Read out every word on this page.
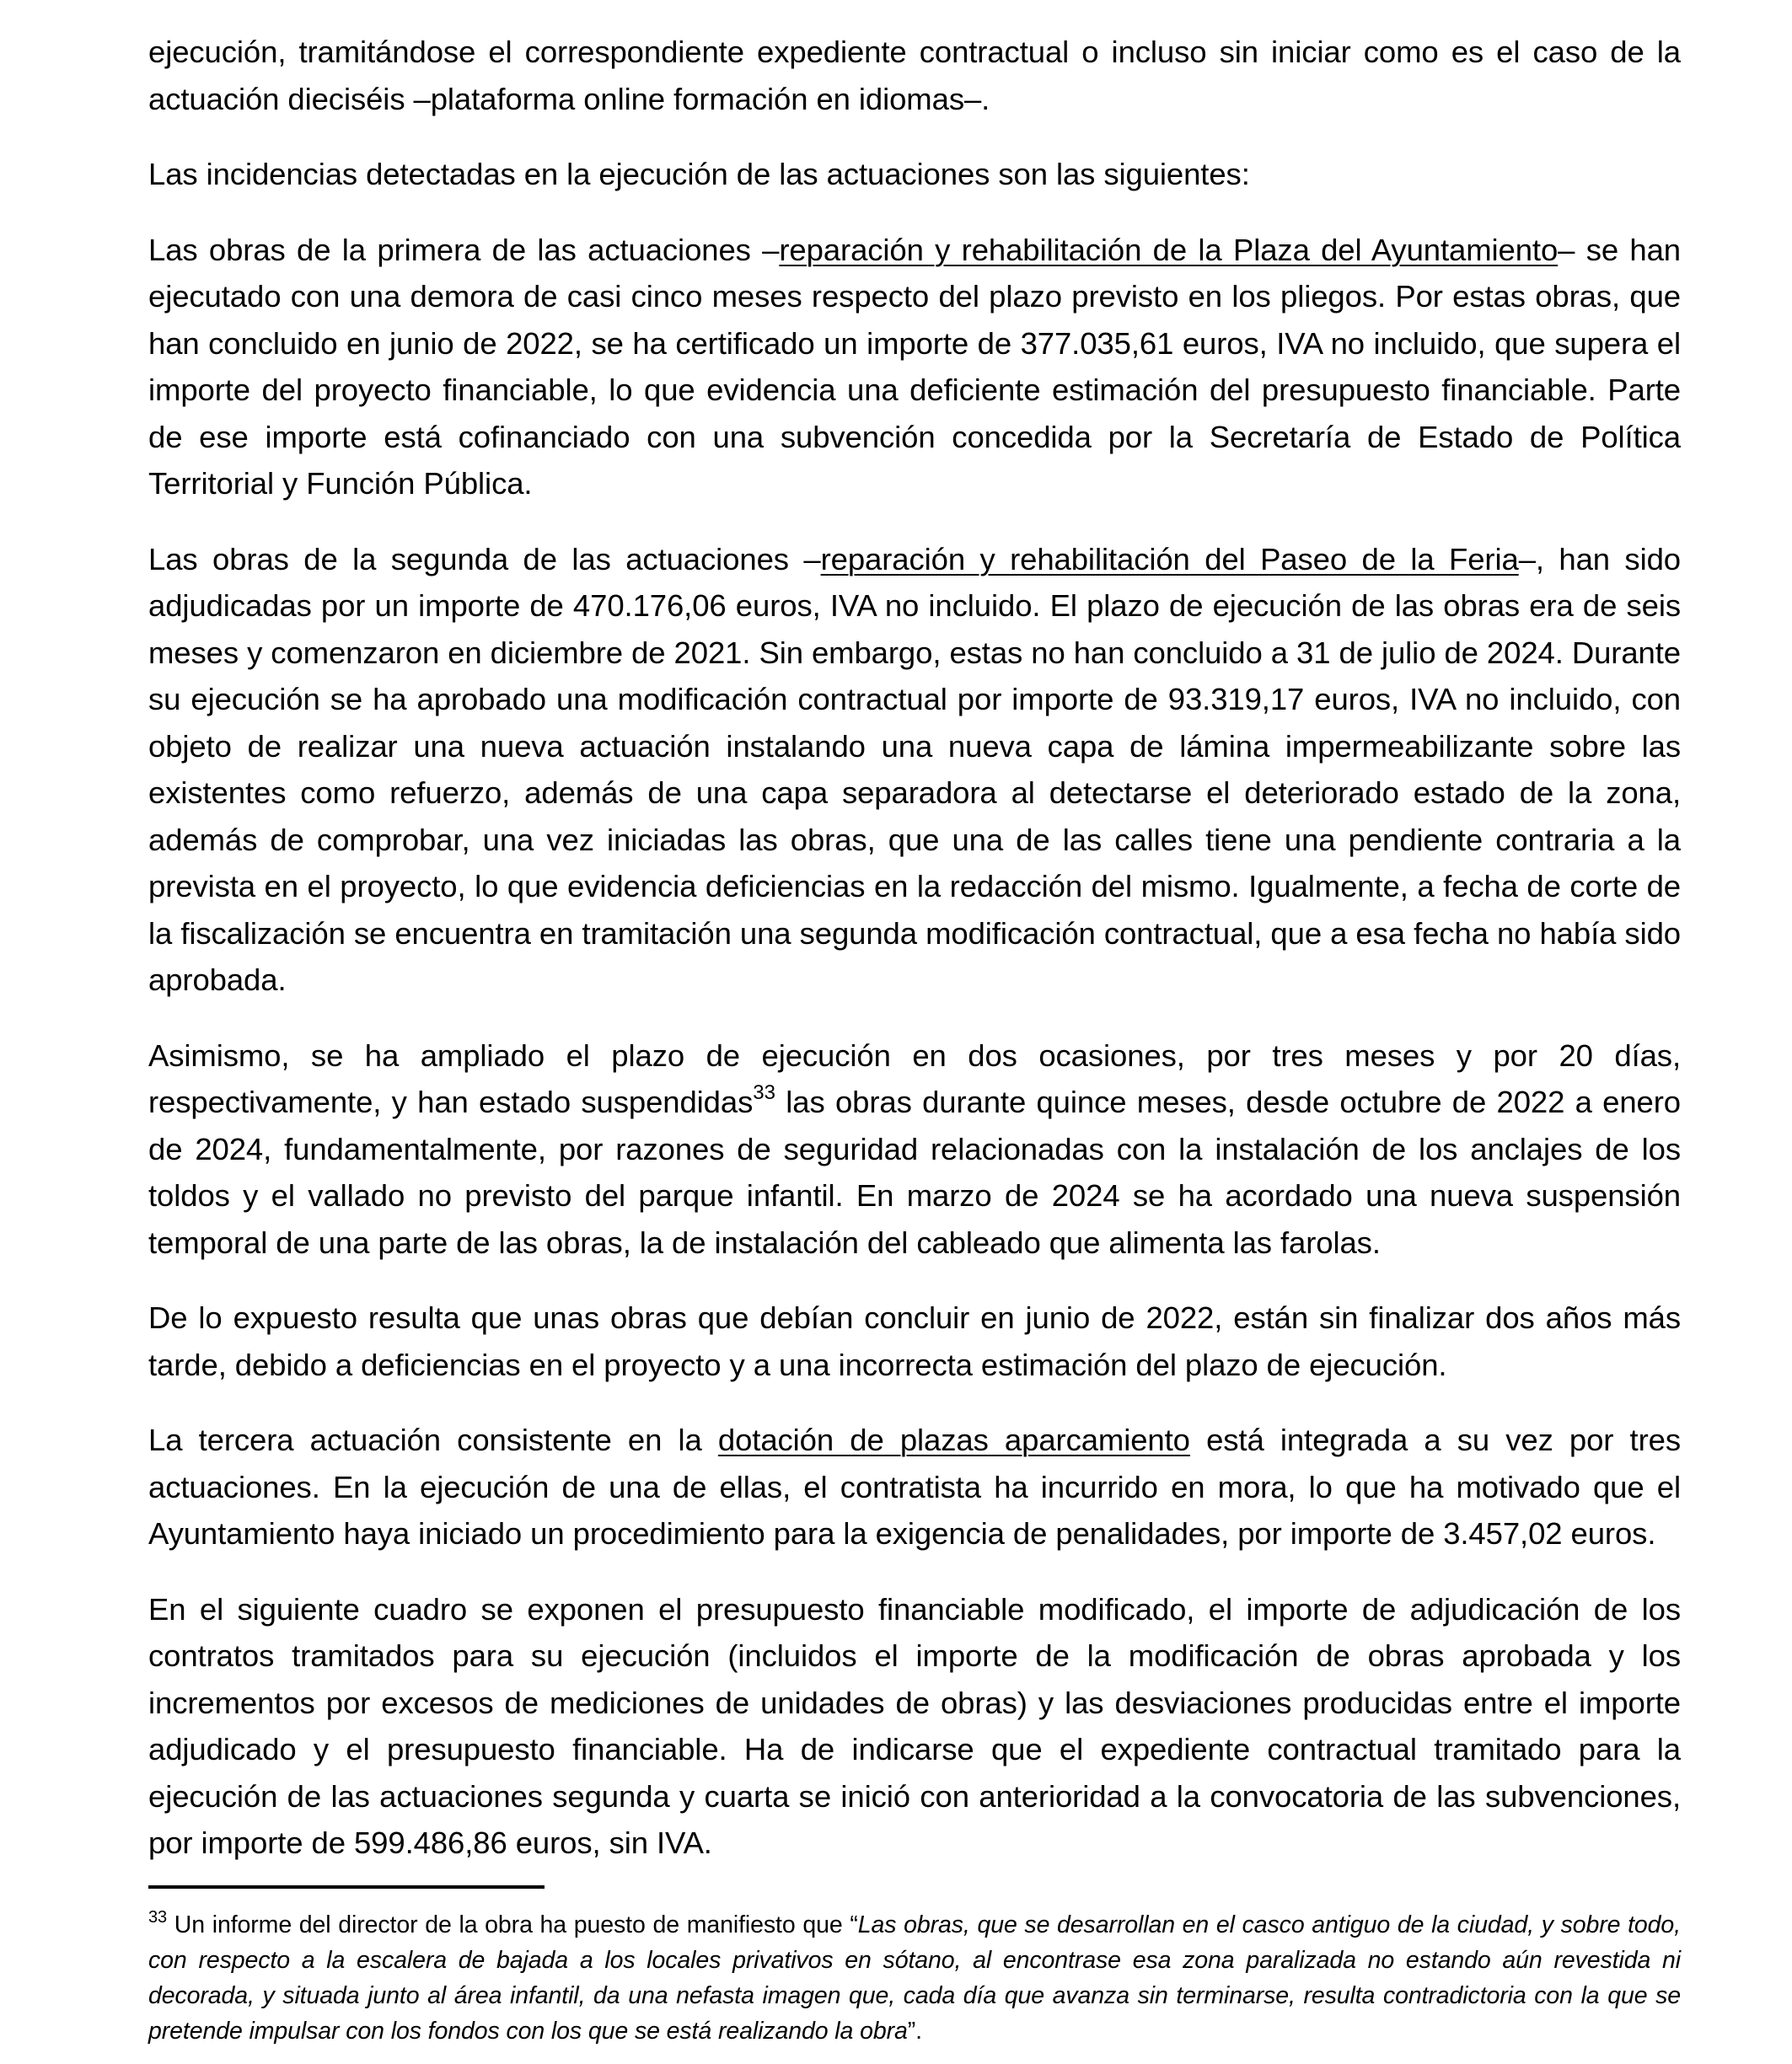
ejecución, tramitándose el correspondiente expediente contractual o incluso sin iniciar como es el caso de la actuación dieciséis –plataforma online formación en idiomas–.

Las incidencias detectadas en la ejecución de las actuaciones son las siguientes:

Las obras de la primera de las actuaciones –reparación y rehabilitación de la Plaza del Ayuntamiento– se han ejecutado con una demora de casi cinco meses respecto del plazo previsto en los pliegos. Por estas obras, que han concluido en junio de 2022, se ha certificado un importe de 377.035,61 euros, IVA no incluido, que supera el importe del proyecto financiable, lo que evidencia una deficiente estimación del presupuesto financiable. Parte de ese importe está cofinanciado con una subvención concedida por la Secretaría de Estado de Política Territorial y Función Pública.

Las obras de la segunda de las actuaciones –reparación y rehabilitación del Paseo de la Feria–, han sido adjudicadas por un importe de 470.176,06 euros, IVA no incluido. El plazo de ejecución de las obras era de seis meses y comenzaron en diciembre de 2021. Sin embargo, estas no han concluido a 31 de julio de 2024. Durante su ejecución se ha aprobado una modificación contractual por importe de 93.319,17 euros, IVA no incluido, con objeto de realizar una nueva actuación instalando una nueva capa de lámina impermeabilizante sobre las existentes como refuerzo, además de una capa separadora al detectarse el deteriorado estado de la zona, además de comprobar, una vez iniciadas las obras, que una de las calles tiene una pendiente contraria a la prevista en el proyecto, lo que evidencia deficiencias en la redacción del mismo. Igualmente, a fecha de corte de la fiscalización se encuentra en tramitación una segunda modificación contractual, que a esa fecha no había sido aprobada.

Asimismo, se ha ampliado el plazo de ejecución en dos ocasiones, por tres meses y por 20 días, respectivamente, y han estado suspendidas$^{33}$ las obras durante quince meses, desde octubre de 2022 a enero de 2024, fundamentalmente, por razones de seguridad relacionadas con la instalación de los anclajes de los toldos y el vallado no previsto del parque infantil. En marzo de 2024 se ha acordado una nueva suspensión temporal de una parte de las obras, la de instalación del cableado que alimenta las farolas.

De lo expuesto resulta que unas obras que debían concluir en junio de 2022, están sin finalizar dos años más tarde, debido a deficiencias en el proyecto y a una incorrecta estimación del plazo de ejecución.

La tercera actuación consistente en la dotación de plazas aparcamiento está integrada a su vez por tres actuaciones. En la ejecución de una de ellas, el contratista ha incurrido en mora, lo que ha motivado que el Ayuntamiento haya iniciado un procedimiento para la exigencia de penalidades, por importe de 3.457,02 euros.

En el siguiente cuadro se exponen el presupuesto financiable modificado, el importe de adjudicación de los contratos tramitados para su ejecución (incluidos el importe de la modificación de obras aprobada y los incrementos por excesos de mediciones de unidades de obras) y las desviaciones producidas entre el importe adjudicado y el presupuesto financiable. Ha de indicarse que el expediente contractual tramitado para la ejecución de las actuaciones segunda y cuarta se inició con anterioridad a la convocatoria de las subvenciones, por importe de 599.486,86 euros, sin IVA.

$^{33}$ Un informe del director de la obra ha puesto de manifiesto que “Las obras, que se desarrollan en el casco antiguo de la ciudad, y sobre todo, con respecto a la escalera de bajada a los locales privativos en sótano, al encontrase esa zona paralizada no estando aún revestida ni decorada, y situada junto al área infantil, da una nefasta imagen que, cada día que avanza sin terminarse, resulta contradictoria con la que se pretende impulsar con los fondos con los que se está realizando la obra”.
